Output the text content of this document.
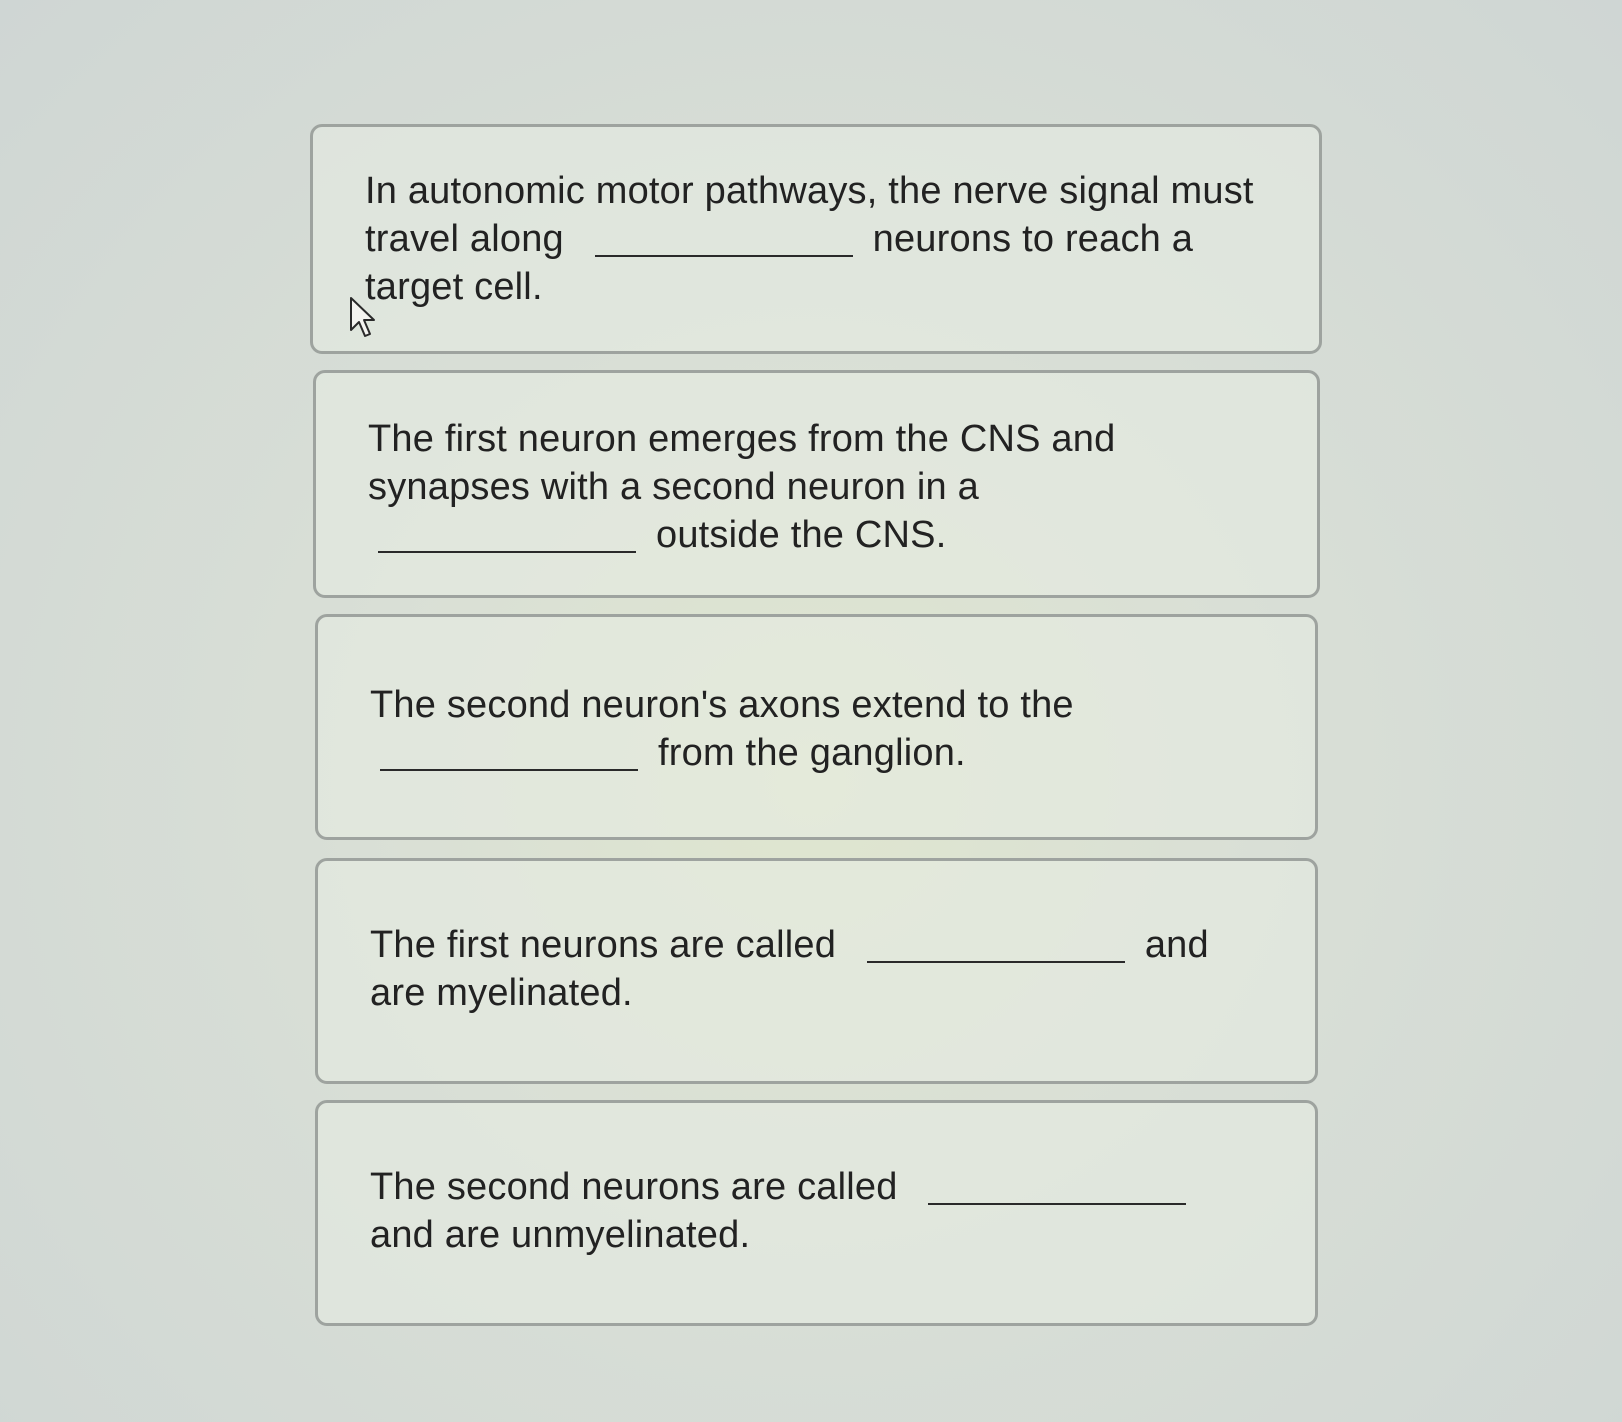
In autonomic motor pathways, the nerve signal must travel along	neurons to reach a target cell.

The first neuron emerges from the CNS and synapses with a second neuron in a outside the CNS.

The second neuron's axons extend to the from the ganglion.

The first neurons are called	and are myelinated.

The second neurons are called and are unmyelinated.
